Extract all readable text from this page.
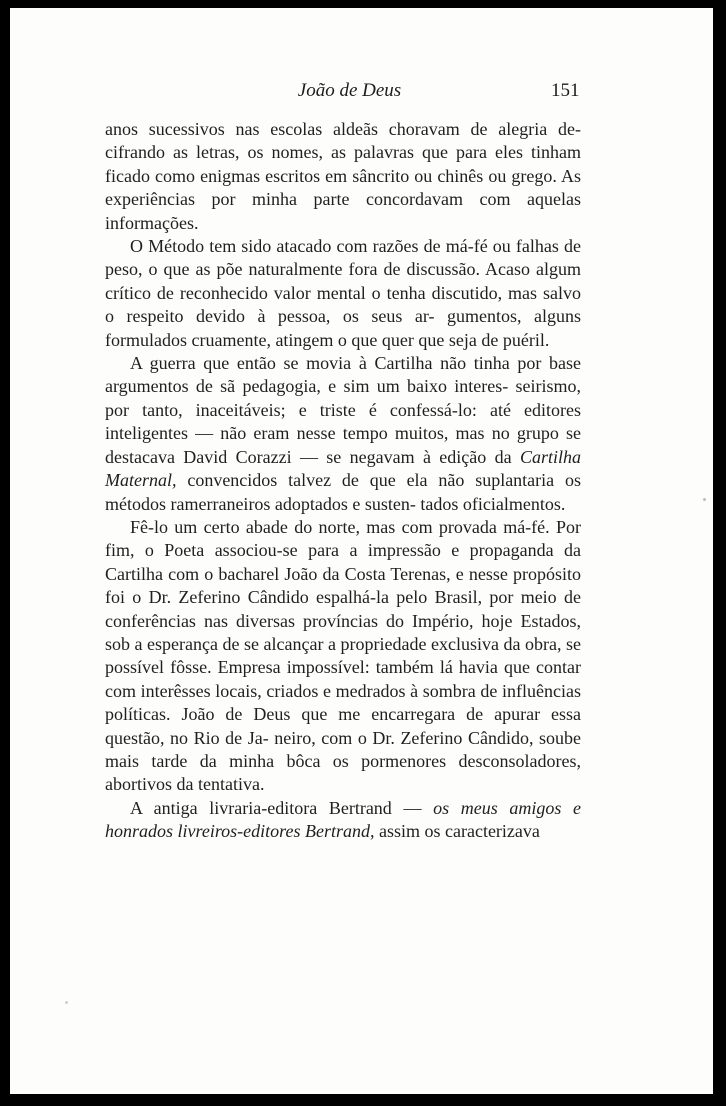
João de Deus	151

anos sucessivos nas escolas aldeãs choravam de alegria de- cifrando as letras, os nomes, as palavras que para eles tinham ficado como enigmas escritos em sâncrito ou chinês ou grego. As experiências por minha parte concordavam com aquelas informações.

O Método tem sido atacado com razões de má-fé ou falhas de peso, o que as põe naturalmente fora de discussão. Acaso algum crítico de reconhecido valor mental o tenha discutido, mas salvo o respeito devido à pessoa, os seus ar- gumentos, alguns formulados cruamente, atingem o que quer que seja de puéril.

A guerra que então se movia à Cartilha não tinha por base argumentos de sã pedagogia, e sim um baixo interes- seirismo, por tanto, inaceitáveis; e triste é confessá-lo: até editores inteligentes — não eram nesse tempo muitos, mas no grupo se destacava David Corazzi — se negavam à edição da Cartilha Maternal, convencidos talvez de que ela não suplantaria os métodos ramerraneiros adoptados e susten- tados oficialmentos.

Fê-lo um certo abade do norte, mas com provada má-fé. Por fim, o Poeta associou-se para a impressão e propaganda da Cartilha com o bacharel João da Costa Terenas, e nesse propósito foi o Dr. Zeferino Cândido espalhá-la pelo Brasil, por meio de conferências nas diversas províncias do Império, hoje Estados, sob a esperança de se alcançar a propriedade exclusiva da obra, se possível fôsse. Empresa impossível: também lá havia que contar com interêsses locais, criados e medrados à sombra de influências políticas. João de Deus que me encarregara de apurar essa questão, no Rio de Ja- neiro, com o Dr. Zeferino Cândido, soube mais tarde da minha bôca os pormenores desconsoladores, abortivos da tentativa.

A antiga livraria-editora Bertrand — os meus amigos e honrados livreiros-editores Bertrand, assim os caracterizava
